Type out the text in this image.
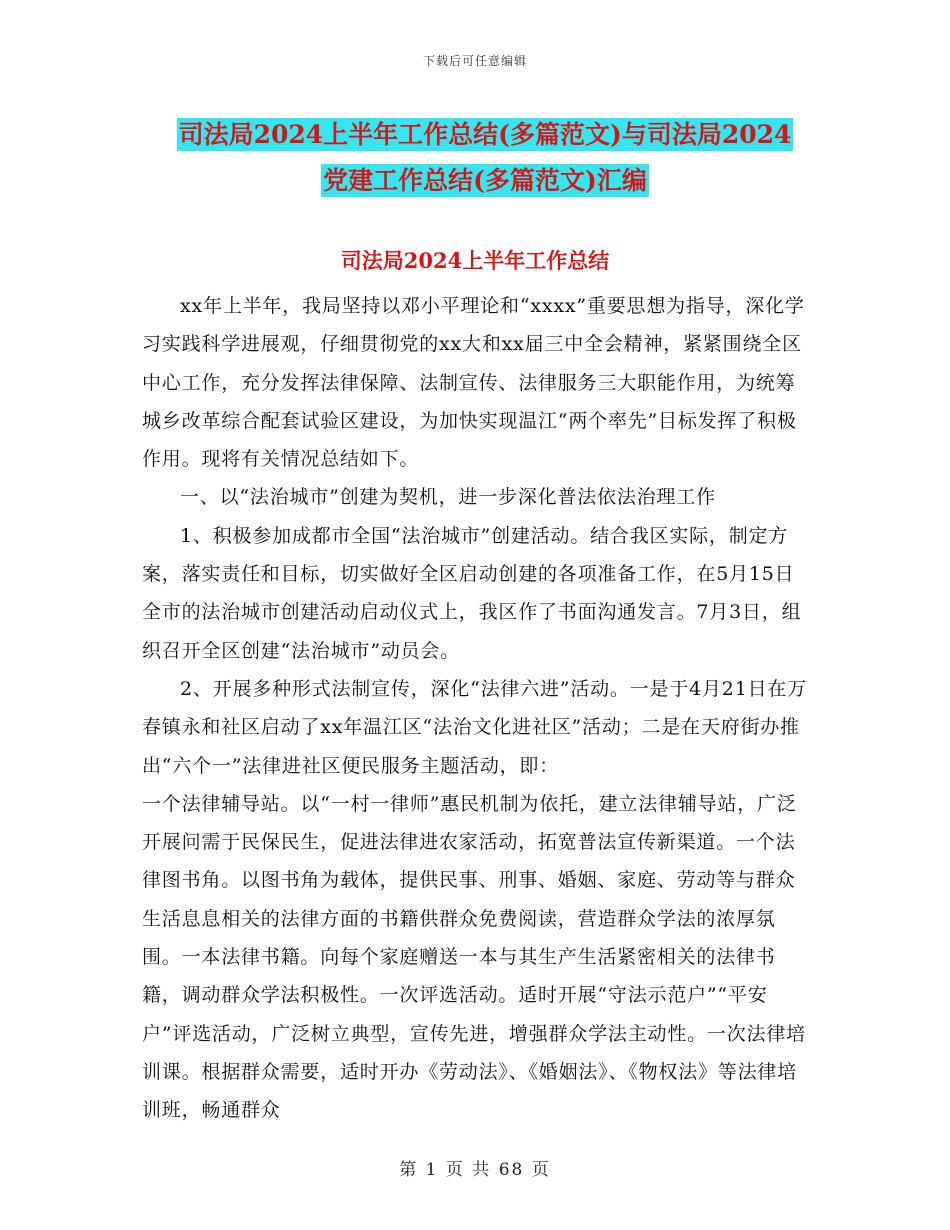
下载后可任意编辑
司法局2024上半年工作总结(多篇范文)与司法局2024
党建工作总结(多篇范文)汇编
司法局2024上半年工作总结

xx年上半年，我局坚持以邓小平理论和“xxxx”重要思想为指导，深化学习实践科学进展观，仔细贯彻党的xx大和xx届三中全会精神，紧紧围绕全区中心工作，充分发挥法律保障、法制宣传、法律服务三大职能作用，为统筹城乡改革综合配套试验区建设，为加快实现温江“两个率先”目标发挥了积极作用。现将有关情况总结如下。

一、以“法治城市”创建为契机，进一步深化普法依法治理工作

1、积极参加成都市全国“法治城市”创建活动。结合我区实际，制定方案，落实责任和目标，切实做好全区启动创建的各项准备工作，在5月15日全市的法治城市创建活动启动仪式上，我区作了书面沟通发言。7月3日，组织召开全区创建“法治城市”动员会。

2、开展多种形式法制宣传，深化“法律六进”活动。一是于4月21日在万春镇永和社区启动了xx年温江区“法治文化进社区”活动；二是在天府街办推出“六个一”法律进社区便民服务主题活动，即：

一个法律辅导站。以“一村一律师”惠民机制为依托，建立法律辅导站，广泛开展问需于民保民生，促进法律进农家活动，拓宽普法宣传新渠道。一个法律图书角。以图书角为载体，提供民事、刑事、婚姻、家庭、劳动等与群众生活息息相关的法律方面的书籍供群众免费阅读，营造群众学法的浓厚氛围。一本法律书籍。向每个家庭赠送一本与其生产生活紧密相关的法律书籍，调动群众学法积极性。一次评选活动。适时开展“守法示范户”“平安户”评选活动，广泛树立典型，宣传先进，增强群众学法主动性。一次法律培训课。根据群众需要，适时开办《劳动法》、《婚姻法》、《物权法》等法律培训班，畅通群众

第 1 页 共 68 页
